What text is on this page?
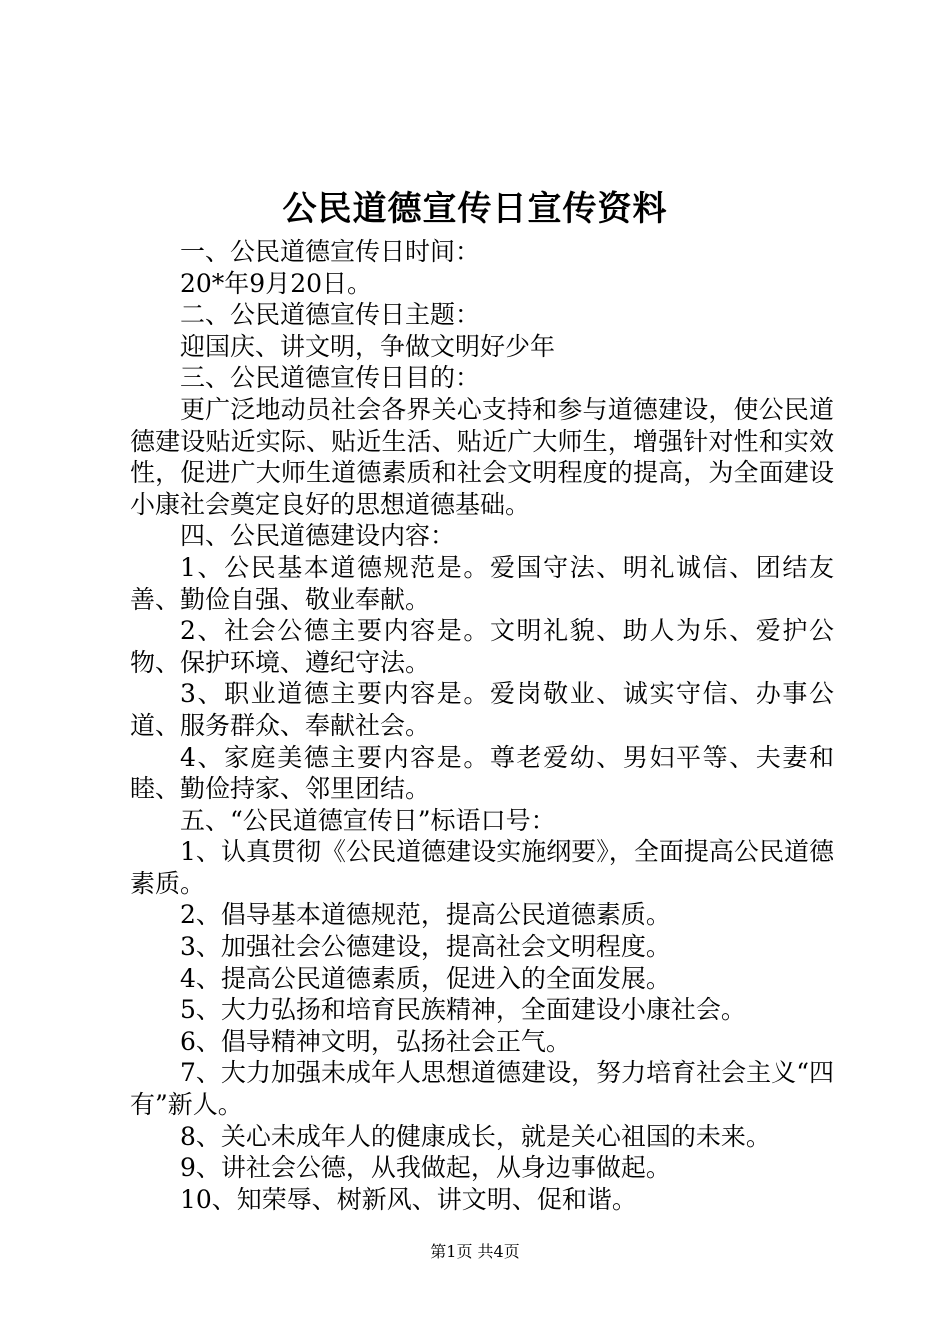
公民道德宣传日宣传资料

一、公民道德宣传日时间：

20*年9月20日。

二、公民道德宣传日主题：

迎国庆、讲文明，争做文明好少年

三、公民道德宣传日目的：

更广泛地动员社会各界关心支持和参与道德建设，使公民道德建设贴近实际、贴近生活、贴近广大师生，增强针对性和实效性，促进广大师生道德素质和社会文明程度的提高，为全面建设小康社会奠定良好的思想道德基础。

四、公民道德建设内容：

1、公民基本道德规范是。爱国守法、明礼诚信、团结友善、勤俭自强、敬业奉献。

2、社会公德主要内容是。文明礼貌、助人为乐、爱护公物、保护环境、遵纪守法。

3、职业道德主要内容是。爱岗敬业、诚实守信、办事公道、服务群众、奉献社会。

4、家庭美德主要内容是。尊老爱幼、男妇平等、夫妻和睦、勤俭持家、邻里团结。

五、“公民道德宣传日”标语口号：

1、认真贯彻《公民道德建设实施纲要》，全面提高公民道德素质。

2、倡导基本道德规范，提高公民道德素质。

3、加强社会公德建设，提高社会文明程度。

4、提高公民道德素质，促进入的全面发展。

5、大力弘扬和培育民族精神，全面建设小康社会。

6、倡导精神文明，弘扬社会正气。

7、大力加强未成年人思想道德建设，努力培育社会主义“四有”新人。

8、关心未成年人的健康成长，就是关心祖国的未来。

9、讲社会公德，从我做起，从身边事做起。

10、知荣辱、树新风、讲文明、促和谐。

第1页 共4页
